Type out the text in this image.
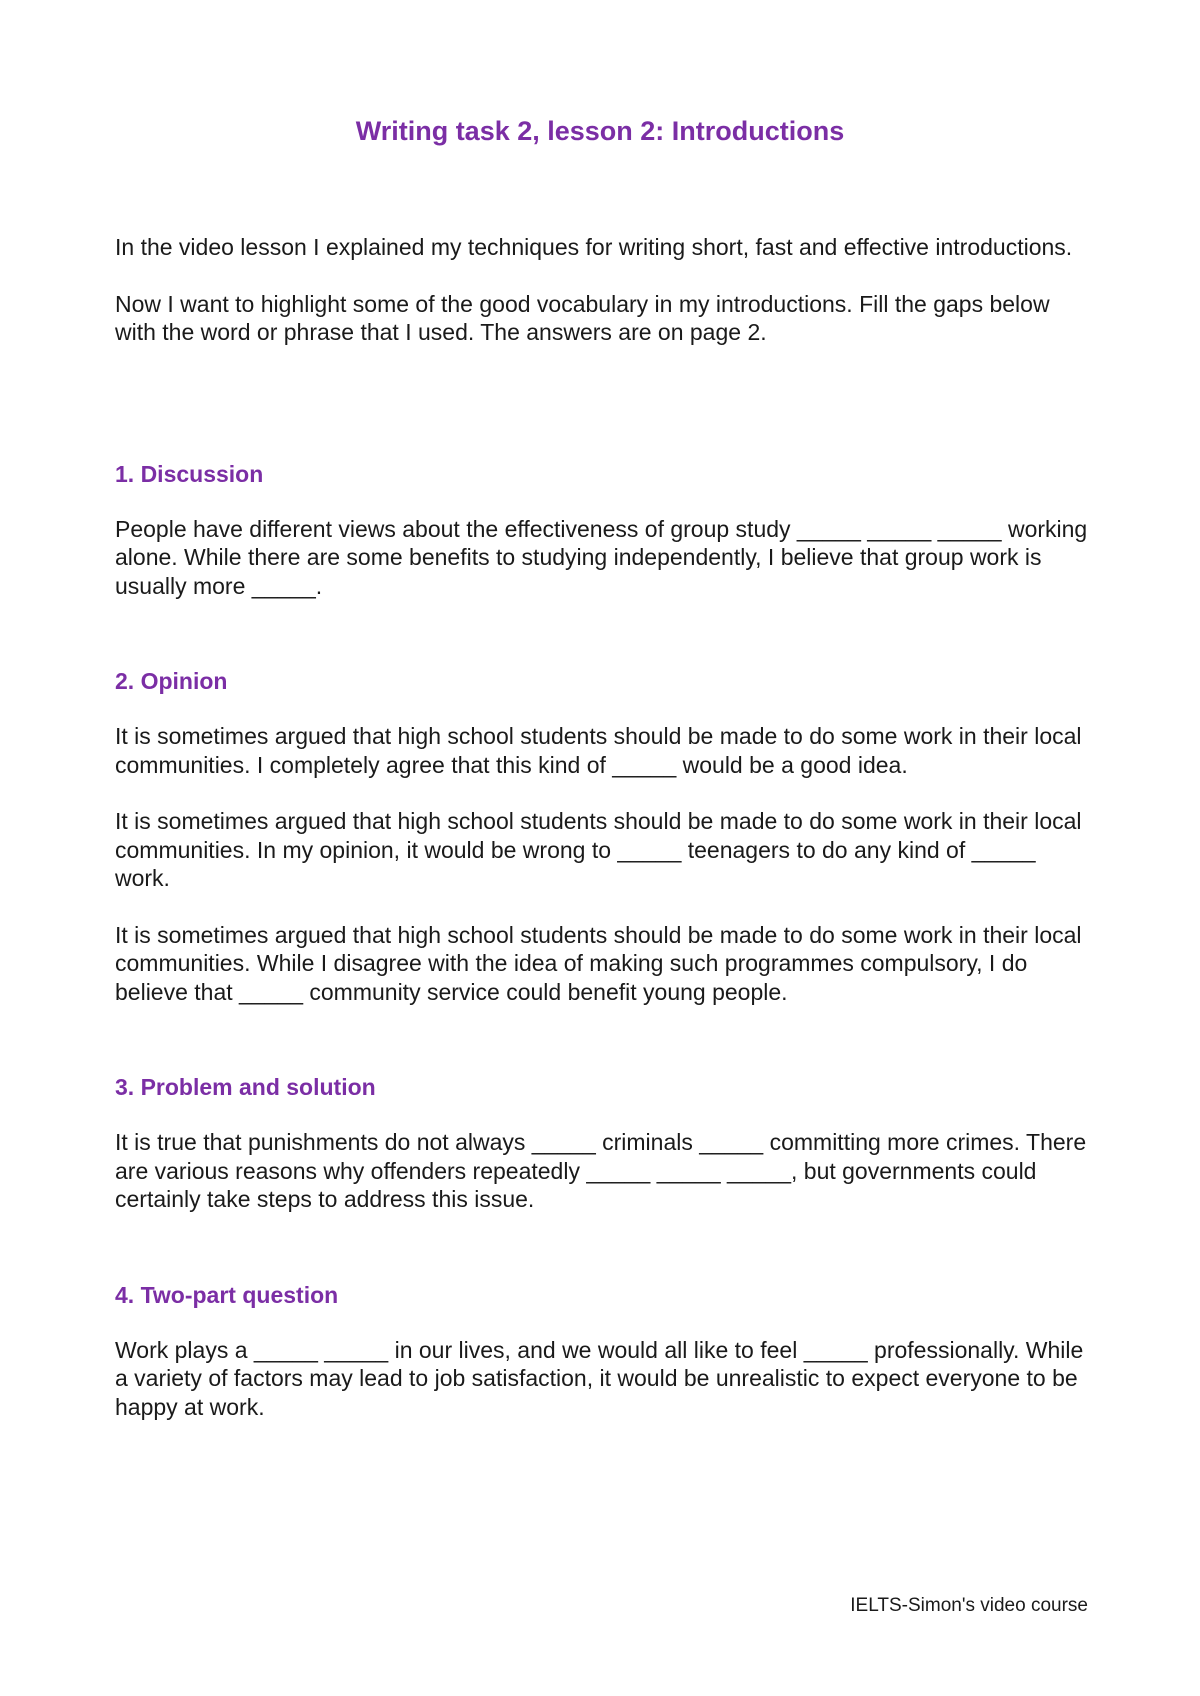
Writing task 2, lesson 2: Introductions

In the video lesson I explained my techniques for writing short, fast and effective introductions.

Now I want to highlight some of the good vocabulary in my introductions. Fill the gaps below with the word or phrase that I used. The answers are on page 2.

1. Discussion

People have different views about the effectiveness of group study _____ _____ _____ working alone. While there are some benefits to studying independently, I believe that group work is usually more _____.

2. Opinion

It is sometimes argued that high school students should be made to do some work in their local communities. I completely agree that this kind of _____ would be a good idea.

It is sometimes argued that high school students should be made to do some work in their local communities. In my opinion, it would be wrong to _____ teenagers to do any kind of _____ work.

It is sometimes argued that high school students should be made to do some work in their local communities. While I disagree with the idea of making such programmes compulsory, I do believe that _____ community service could benefit young people.

3. Problem and solution

It is true that punishments do not always _____ criminals _____ committing more crimes. There are various reasons why offenders repeatedly _____ _____ _____, but governments could certainly take steps to address this issue.

4. Two-part question

Work plays a _____ _____ in our lives, and we would all like to feel _____ professionally. While a variety of factors may lead to job satisfaction, it would be unrealistic to expect everyone to be happy at work.

IELTS-Simon's video course
